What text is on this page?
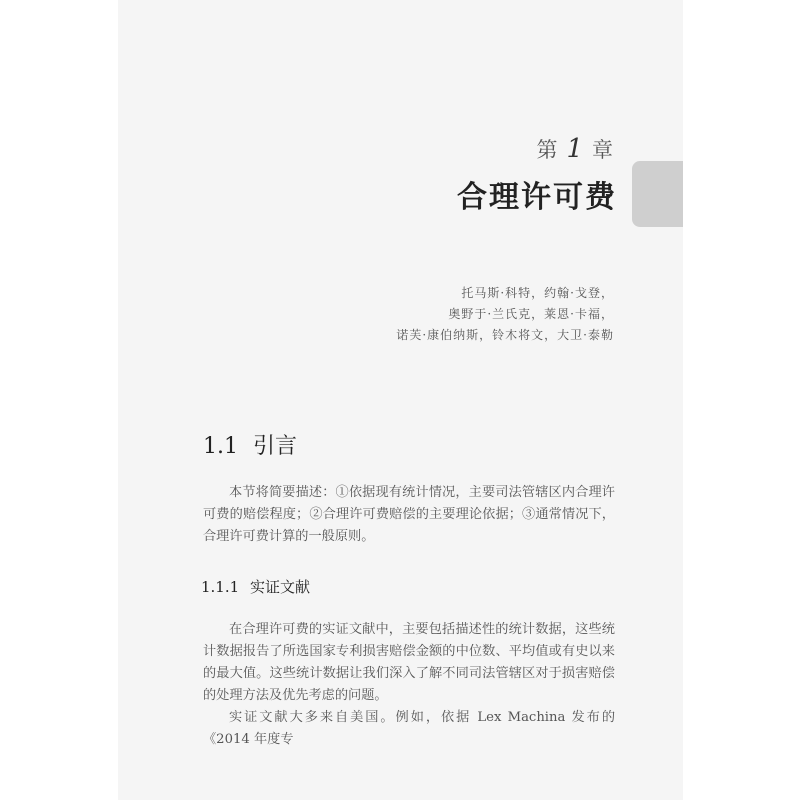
第 1 章
合理许可费
托马斯·科特，约翰·戈登，
奥野于·兰氏克，莱恩·卡福，
诺芙·康伯纳斯，铃木将文，大卫·泰勒
1.1 引言
本节将简要描述：①依据现有统计情况，主要司法管辖区内合理许可费的赔偿程度；②合理许可费赔偿的主要理论依据；③通常情况下，合理许可费计算的一般原则。
1.1.1 实证文献
在合理许可费的实证文献中，主要包括描述性的统计数据，这些统计数据报告了所选国家专利损害赔偿金额的中位数、平均值或有史以来的最大值。这些统计数据让我们深入了解不同司法管辖区对于损害赔偿的处理方法及优先考虑的问题。
实证文献大多来自美国。例如，依据 Lex Machina 发布的《2014 年度专
